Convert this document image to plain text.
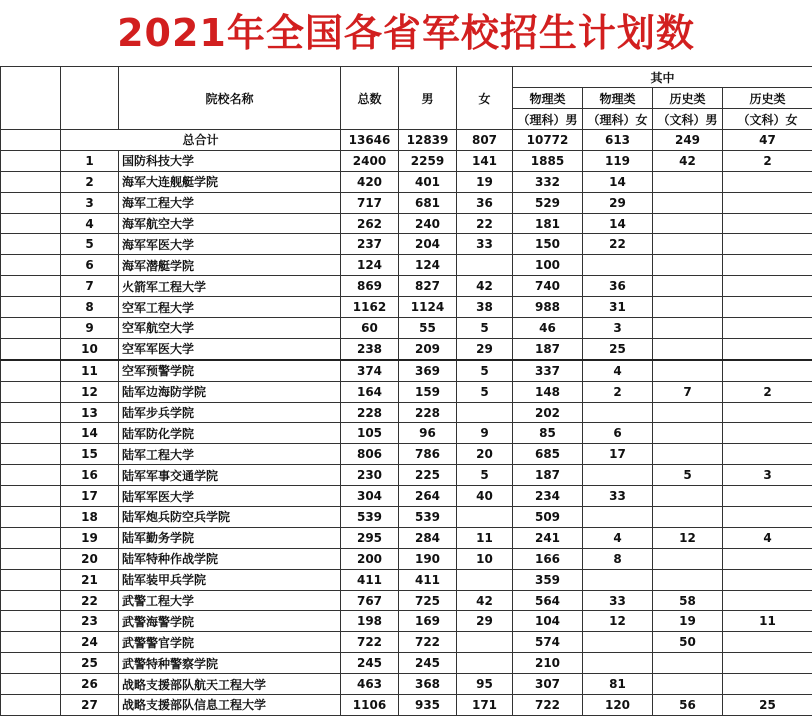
2021年全国各省军校招生计划数
		院校名称	总数	男	女	其中			
						物理类	物理类	历史类	历史类
						（理科）男	（理科）女	（文科）男	（文科）女
	总合计		13646	12839	807	10772	613	249	47
	1	国防科技大学	2400	2259	141	1885	119	42	2
	2	海军大连舰艇学院	420	401	19	332	14		
	3	海军工程大学	717	681	36	529	29		
	4	海军航空大学	262	240	22	181	14		
	5	海军军医大学	237	204	33	150	22		
	6	海军潜艇学院	124	124		100			
	7	火箭军工程大学	869	827	42	740	36		
	8	空军工程大学	1162	1124	38	988	31		
	9	空军航空大学	60	55	5	46	3		
	10	空军军医大学	238	209	29	187	25		
	11	空军预警学院	374	369	5	337	4		
	12	陆军边海防学院	164	159	5	148	2	7	2
	13	陆军步兵学院	228	228		202			
	14	陆军防化学院	105	96	9	85	6		
	15	陆军工程大学	806	786	20	685	17		
	16	陆军军事交通学院	230	225	5	187		5	3
	17	陆军军医大学	304	264	40	234	33		
	18	陆军炮兵防空兵学院	539	539		509			
	19	陆军勤务学院	295	284	11	241	4	12	4
	20	陆军特种作战学院	200	190	10	166	8		
	21	陆军装甲兵学院	411	411		359			
	22	武警工程大学	767	725	42	564	33	58	
	23	武警海警学院	198	169	29	104	12	19	11
	24	武警警官学院	722	722		574		50	
	25	武警特种警察学院	245	245		210			
	26	战略支援部队航天工程大学	463	368	95	307	81		
	27	战略支援部队信息工程大学	1106	935	171	722	120	56	25
